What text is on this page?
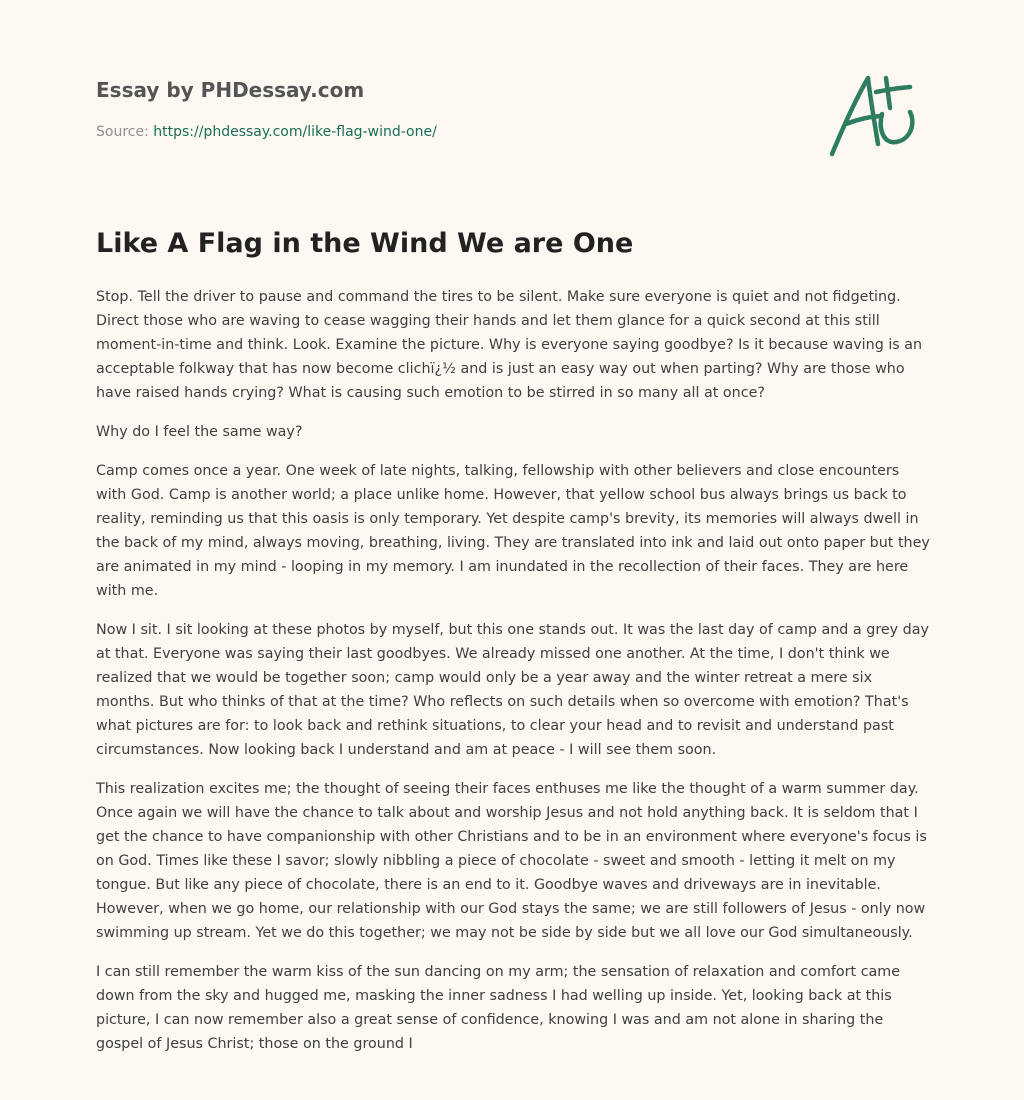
Essay by PHDessay.com
Source: https://phdessay.com/like-flag-wind-one/
Like A Flag in the Wind We are One

Stop. Tell the driver to pause and command the tires to be silent. Make sure everyone is quiet and not fidgeting. Direct those who are waving to cease wagging their hands and let them glance for a quick second at this still moment-in-time and think. Look. Examine the picture. Why is everyone saying goodbye? Is it because waving is an acceptable folkway that has now become clichï¿½ and is just an easy way out when parting? Why are those who have raised hands crying? What is causing such emotion to be stirred in so many all at once?

Why do I feel the same way?

Camp comes once a year. One week of late nights, talking, fellowship with other believers and close encounters with God. Camp is another world; a place unlike home. However, that yellow school bus always brings us back to reality, reminding us that this oasis is only temporary. Yet despite camp's brevity, its memories will always dwell in the back of my mind, always moving, breathing, living. They are translated into ink and laid out onto paper but they are animated in my mind - looping in my memory. I am inundated in the recollection of their faces. They are here with me.

Now I sit. I sit looking at these photos by myself, but this one stands out. It was the last day of camp and a grey day at that. Everyone was saying their last goodbyes. We already missed one another. At the time, I don't think we realized that we would be together soon; camp would only be a year away and the winter retreat a mere six months. But who thinks of that at the time? Who reflects on such details when so overcome with emotion? That's what pictures are for: to look back and rethink situations, to clear your head and to revisit and understand past circumstances. Now looking back I understand and am at peace - I will see them soon.

This realization excites me; the thought of seeing their faces enthuses me like the thought of a warm summer day. Once again we will have the chance to talk about and worship Jesus and not hold anything back. It is seldom that I get the chance to have companionship with other Christians and to be in an environment where everyone's focus is on God. Times like these I savor; slowly nibbling a piece of chocolate - sweet and smooth - letting it melt on my tongue. But like any piece of chocolate, there is an end to it. Goodbye waves and driveways are in inevitable. However, when we go home, our relationship with our God stays the same; we are still followers of Jesus - only now swimming up stream. Yet we do this together; we may not be side by side but we all love our God simultaneously.

I can still remember the warm kiss of the sun dancing on my arm; the sensation of relaxation and comfort came down from the sky and hugged me, masking the inner sadness I had welling up inside. Yet, looking back at this picture, I can now remember also a great sense of confidence, knowing I was and am not alone in sharing the gospel of Jesus Christ; those on the ground I
